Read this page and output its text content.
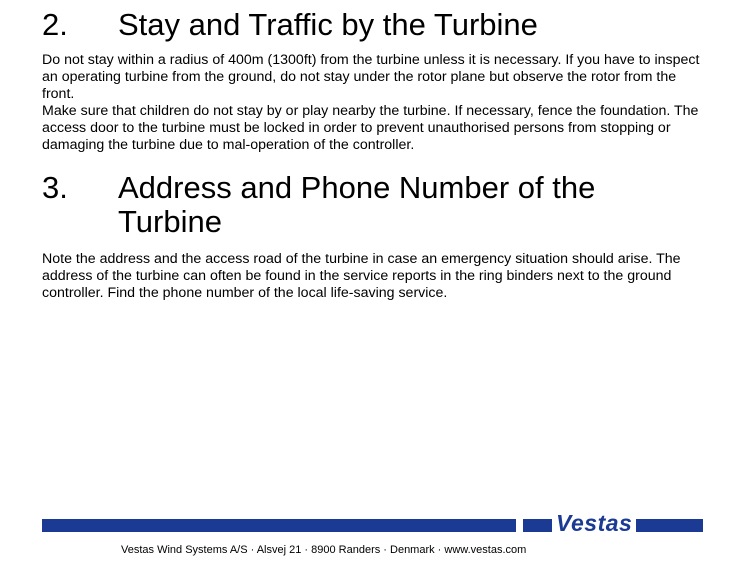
2.	Stay and Traffic by the Turbine

Do not stay within a radius of 400m (1300ft) from the turbine unless it is necessary. If you have to inspect an operating turbine from the ground, do not stay under the rotor plane but observe the rotor from the front.

Make sure that children do not stay by or play nearby the turbine. If necessary, fence the foundation. The access door to the turbine must be locked in order to prevent unauthorised persons from stopping or damaging the turbine due to mal-operation of the controller.

3.	Address and Phone Number of the Turbine

Note the address and the access road of the turbine in case an emergency situation should arise. The address of the turbine can often be found in the service reports in the ring binders next to the ground controller. Find the phone number of the local life-saving service.

Vestas
Vestas Wind Systems A/S · Alsvej 21 · 8900 Randers · Denmark · www.vestas.com
